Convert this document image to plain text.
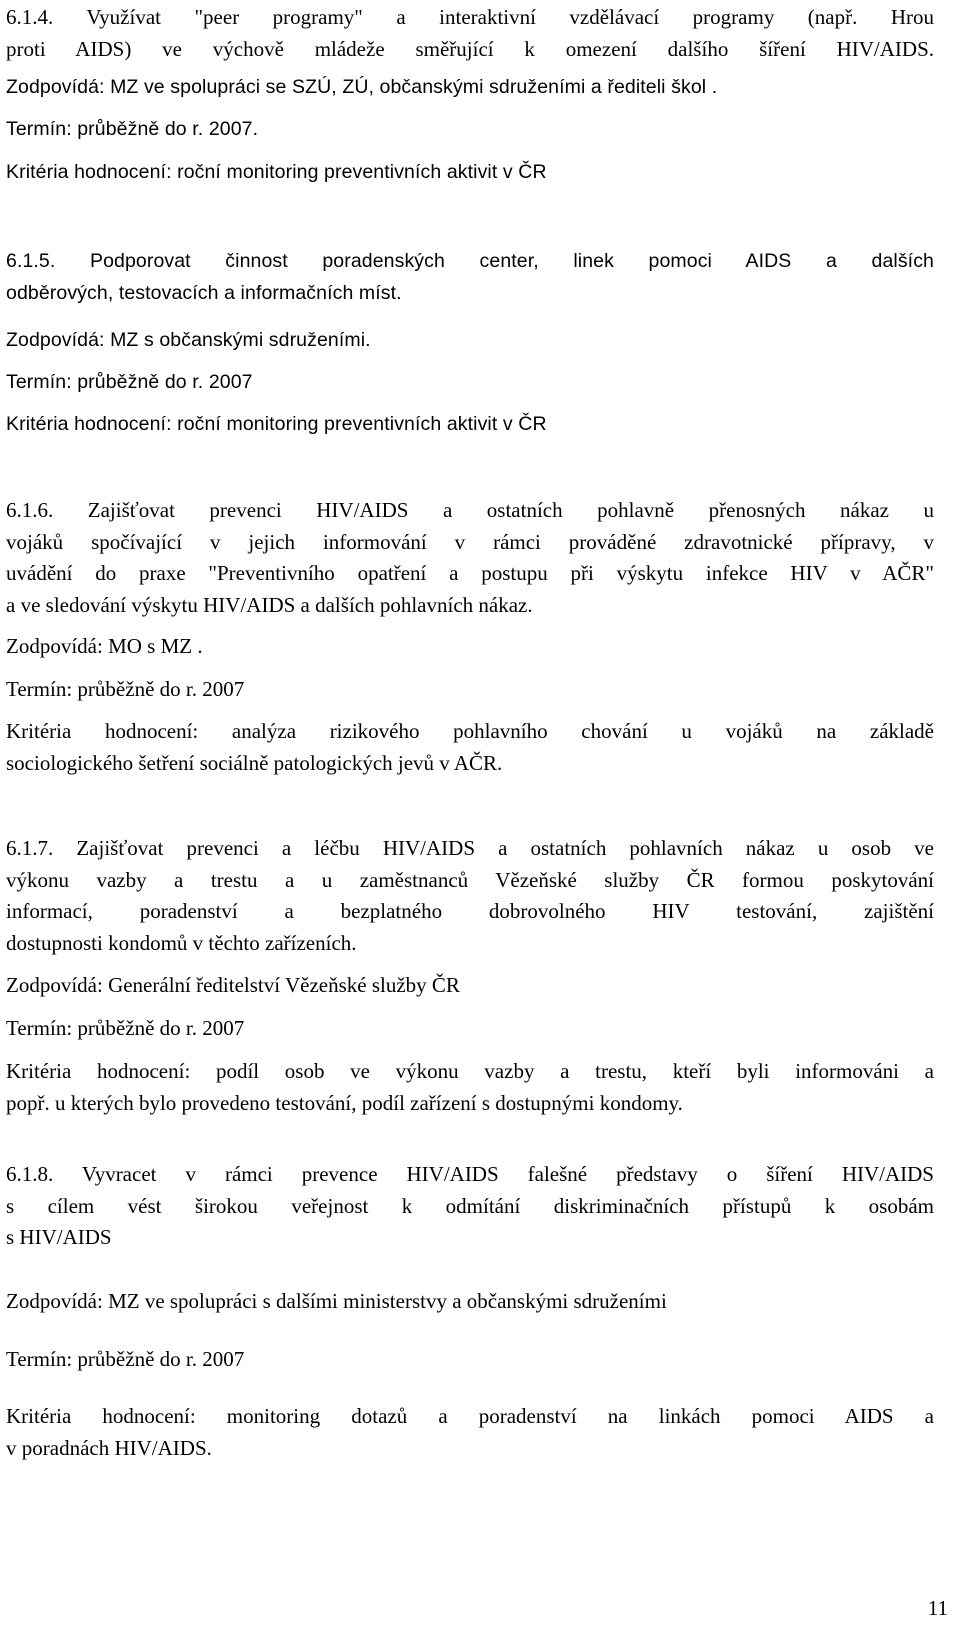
6.1.4. Využívat "peer programy" a interaktivní vzdělávací programy (např. Hrou

proti AIDS) ve výchově mládeže směřující k omezení dalšího šíření HIV/AIDS.

Zodpovídá: MZ ve spolupráci se SZÚ, ZÚ, občanskými sdruženími a řediteli škol .
Termín: průběžně do r. 2007.
Kritéria hodnocení: roční monitoring preventivních aktivit v ČR

6.1.5. Podporovat činnost poradenských center, linek pomoci AIDS a dalších

odběrových, testovacích a informačních míst.

Zodpovídá: MZ s občanskými sdruženími.
Termín: průběžně do r. 2007
Kritéria hodnocení: roční monitoring preventivních aktivit v ČR

6.1.6. Zajišťovat prevenci HIV/AIDS a ostatních pohlavně přenosných nákaz u

vojáků spočívající v jejich informování v rámci prováděné zdravotnické přípravy, v

uvádění do praxe "Preventivního opatření a postupu při výskytu infekce HIV v AČR"

a ve sledování výskytu HIV/AIDS a dalších pohlavních nákaz.

Zodpovídá: MO s MZ .
Termín: průběžně do r. 2007

Kritéria hodnocení: analýza rizikového pohlavního chování u vojáků na základě

sociologického šetření sociálně patologických jevů v AČR.

6.1.7. Zajišťovat prevenci a léčbu HIV/AIDS a ostatních pohlavních nákaz u osob ve

výkonu vazby a trestu a u zaměstnanců Vězeňské služby ČR formou poskytování

informací, poradenství a bezplatného dobrovolného HIV testování, zajištění

dostupnosti kondomů v těchto zařízeních.

Zodpovídá: Generální ředitelství Vězeňské služby ČR
Termín: průběžně do r. 2007

Kritéria hodnocení: podíl osob ve výkonu vazby a trestu, kteří byli informováni a

popř. u kterých bylo provedeno testování, podíl zařízení s dostupnými kondomy.

6.1.8. Vyvracet v rámci prevence HIV/AIDS falešné představy o šíření HIV/AIDS

s cílem vést širokou veřejnost k odmítání diskriminačních přístupů k osobám

s HIV/AIDS

Zodpovídá: MZ ve spolupráci s dalšími ministerstvy a občanskými sdruženími
Termín: průběžně do r. 2007

Kritéria hodnocení: monitoring dotazů a poradenství na linkách pomoci AIDS a

v poradnách HIV/AIDS.

11
